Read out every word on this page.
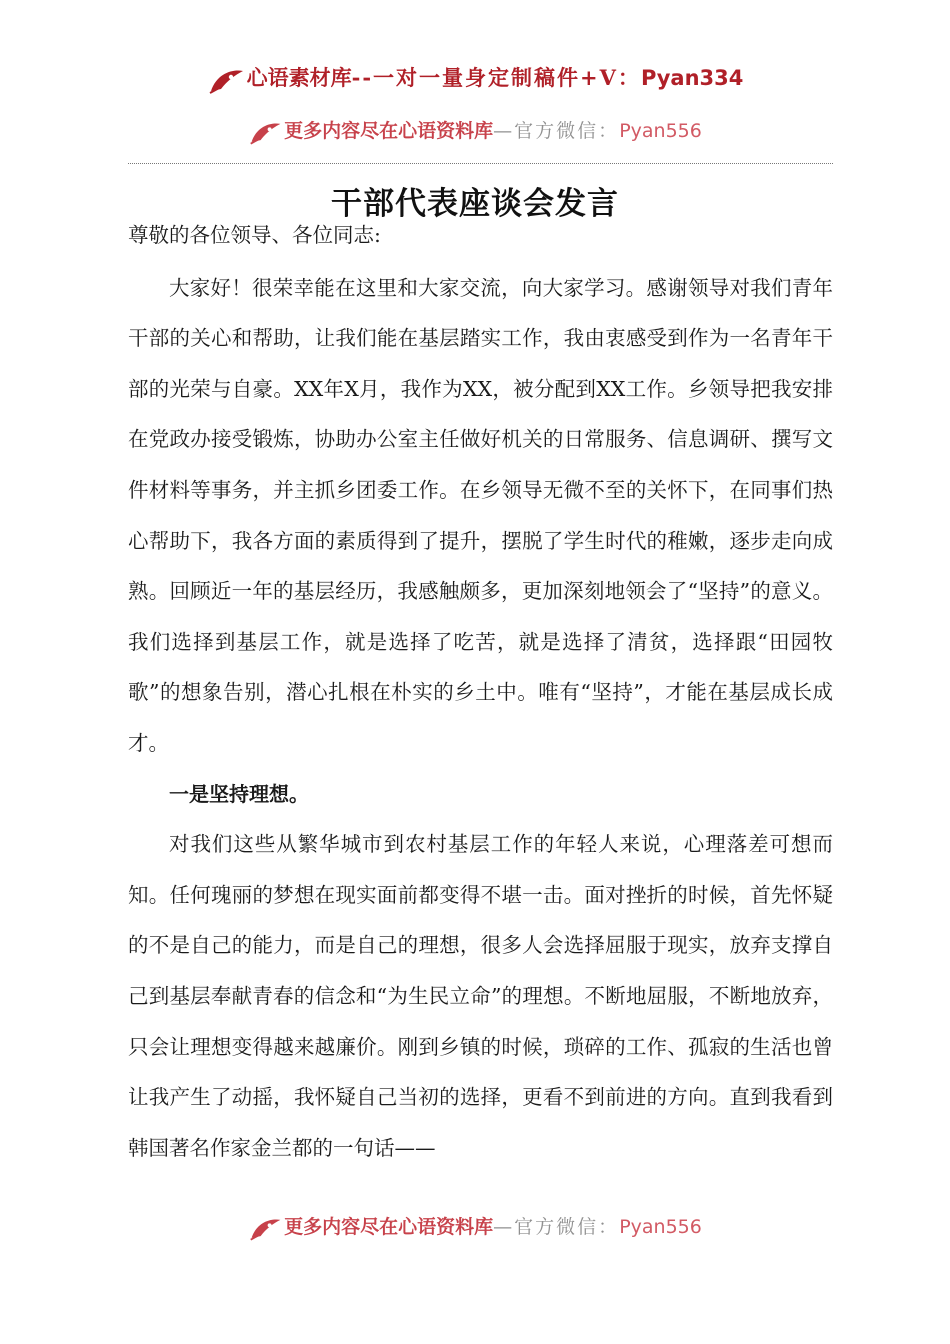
心语素材库--一对一量身定制稿件+V：Pyan334
更多内容尽在心语资料库—官方微信：Pyan556
干部代表座谈会发言

尊敬的各位领导、各位同志:

大家好！很荣幸能在这里和大家交流，向大家学习。感谢领导对我们青年干部的关心和帮助，让我们能在基层踏实工作，我由衷感受到作为一名青年干部的光荣与自豪。XX年X月，我作为XX，被分配到XX工作。乡领导把我安排在党政办接受锻炼，协助办公室主任做好机关的日常服务、信息调研、撰写文件材料等事务，并主抓乡团委工作。在乡领导无微不至的关怀下，在同事们热心帮助下，我各方面的素质得到了提升，摆脱了学生时代的稚嫩，逐步走向成熟。回顾近一年的基层经历，我感触颇多，更加深刻地领会了“坚持”的意义。我们选择到基层工作，就是选择了吃苦，就是选择了清贫，选择跟“田园牧歌”的想象告别，潜心扎根在朴实的乡土中。唯有“坚持”，才能在基层成长成才。

一是坚持理想。

对我们这些从繁华城市到农村基层工作的年轻人来说，心理落差可想而知。任何瑰丽的梦想在现实面前都变得不堪一击。面对挫折的时候，首先怀疑的不是自己的能力，而是自己的理想，很多人会选择屈服于现实，放弃支撑自己到基层奉献青春的信念和“为生民立命”的理想。不断地屈服，不断地放弃，只会让理想变得越来越廉价。刚到乡镇的时候，琐碎的工作、孤寂的生活也曾让我产生了动摇，我怀疑自己当初的选择，更看不到前进的方向。直到我看到韩国著名作家金兰都的一句话——

更多内容尽在心语资料库—官方微信：Pyan556
